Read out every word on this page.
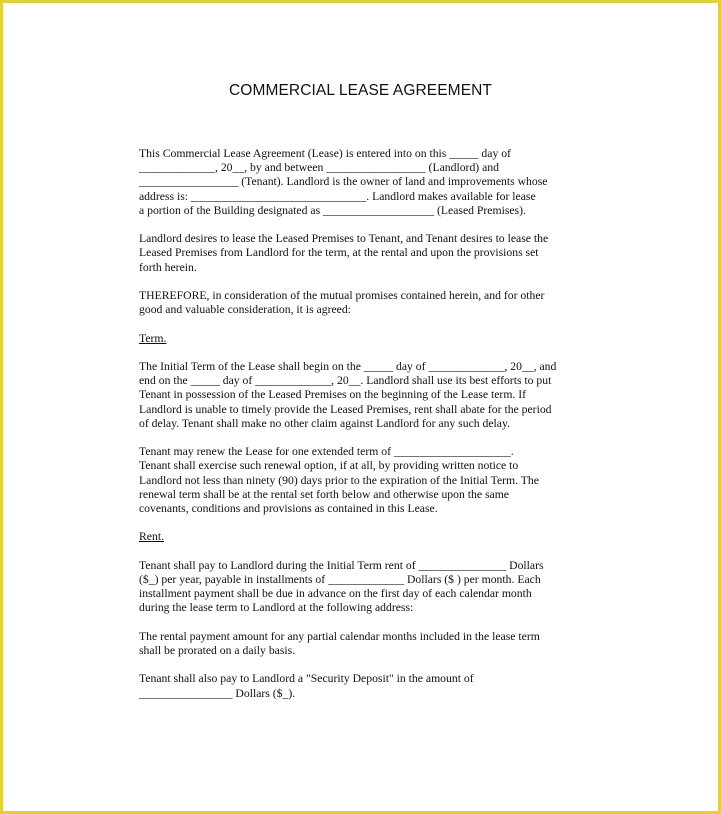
COMMERCIAL LEASE AGREEMENT
This Commercial Lease Agreement (Lease) is entered into on this _____ day of
_____________, 20__, by and between _________________ (Landlord) and
_________________ (Tenant). Landlord is the owner of land and improvements whose
address is: ______________________________. Landlord makes available for lease
a portion of the Building designated as ___________________ (Leased Premises).
Landlord desires to lease the Leased Premises to Tenant, and Tenant desires to lease the
Leased Premises from Landlord for the term, at the rental and upon the provisions set
forth herein.
THEREFORE, in consideration of the mutual promises contained herein, and for other
good and valuable consideration, it is agreed:
Term.
The Initial Term of the Lease shall begin on the _____ day of _____________, 20__, and
end on the _____ day of _____________, 20__. Landlord shall use its best efforts to put
Tenant in possession of the Leased Premises on the beginning of the Lease term. If
Landlord is unable to timely provide the Leased Premises, rent shall abate for the period
of delay. Tenant shall make no other claim against Landlord for any such delay.
Tenant may renew the Lease for one extended term of ____________________.
Tenant shall exercise such renewal option, if at all, by providing written notice to
Landlord not less than ninety (90) days prior to the expiration of the Initial Term. The
renewal term shall be at the rental set forth below and otherwise upon the same
covenants, conditions and provisions as contained in this Lease.
Rent.
Tenant shall pay to Landlord during the Initial Term rent of _______________ Dollars
($_) per year, payable in installments of _____________ Dollars ($ ) per month. Each
installment payment shall be due in advance on the first day of each calendar month
during the lease term to Landlord at the following address:
The rental payment amount for any partial calendar months included in the lease term
shall be prorated on a daily basis.
Tenant shall also pay to Landlord a "Security Deposit" in the amount of
________________ Dollars ($_).
